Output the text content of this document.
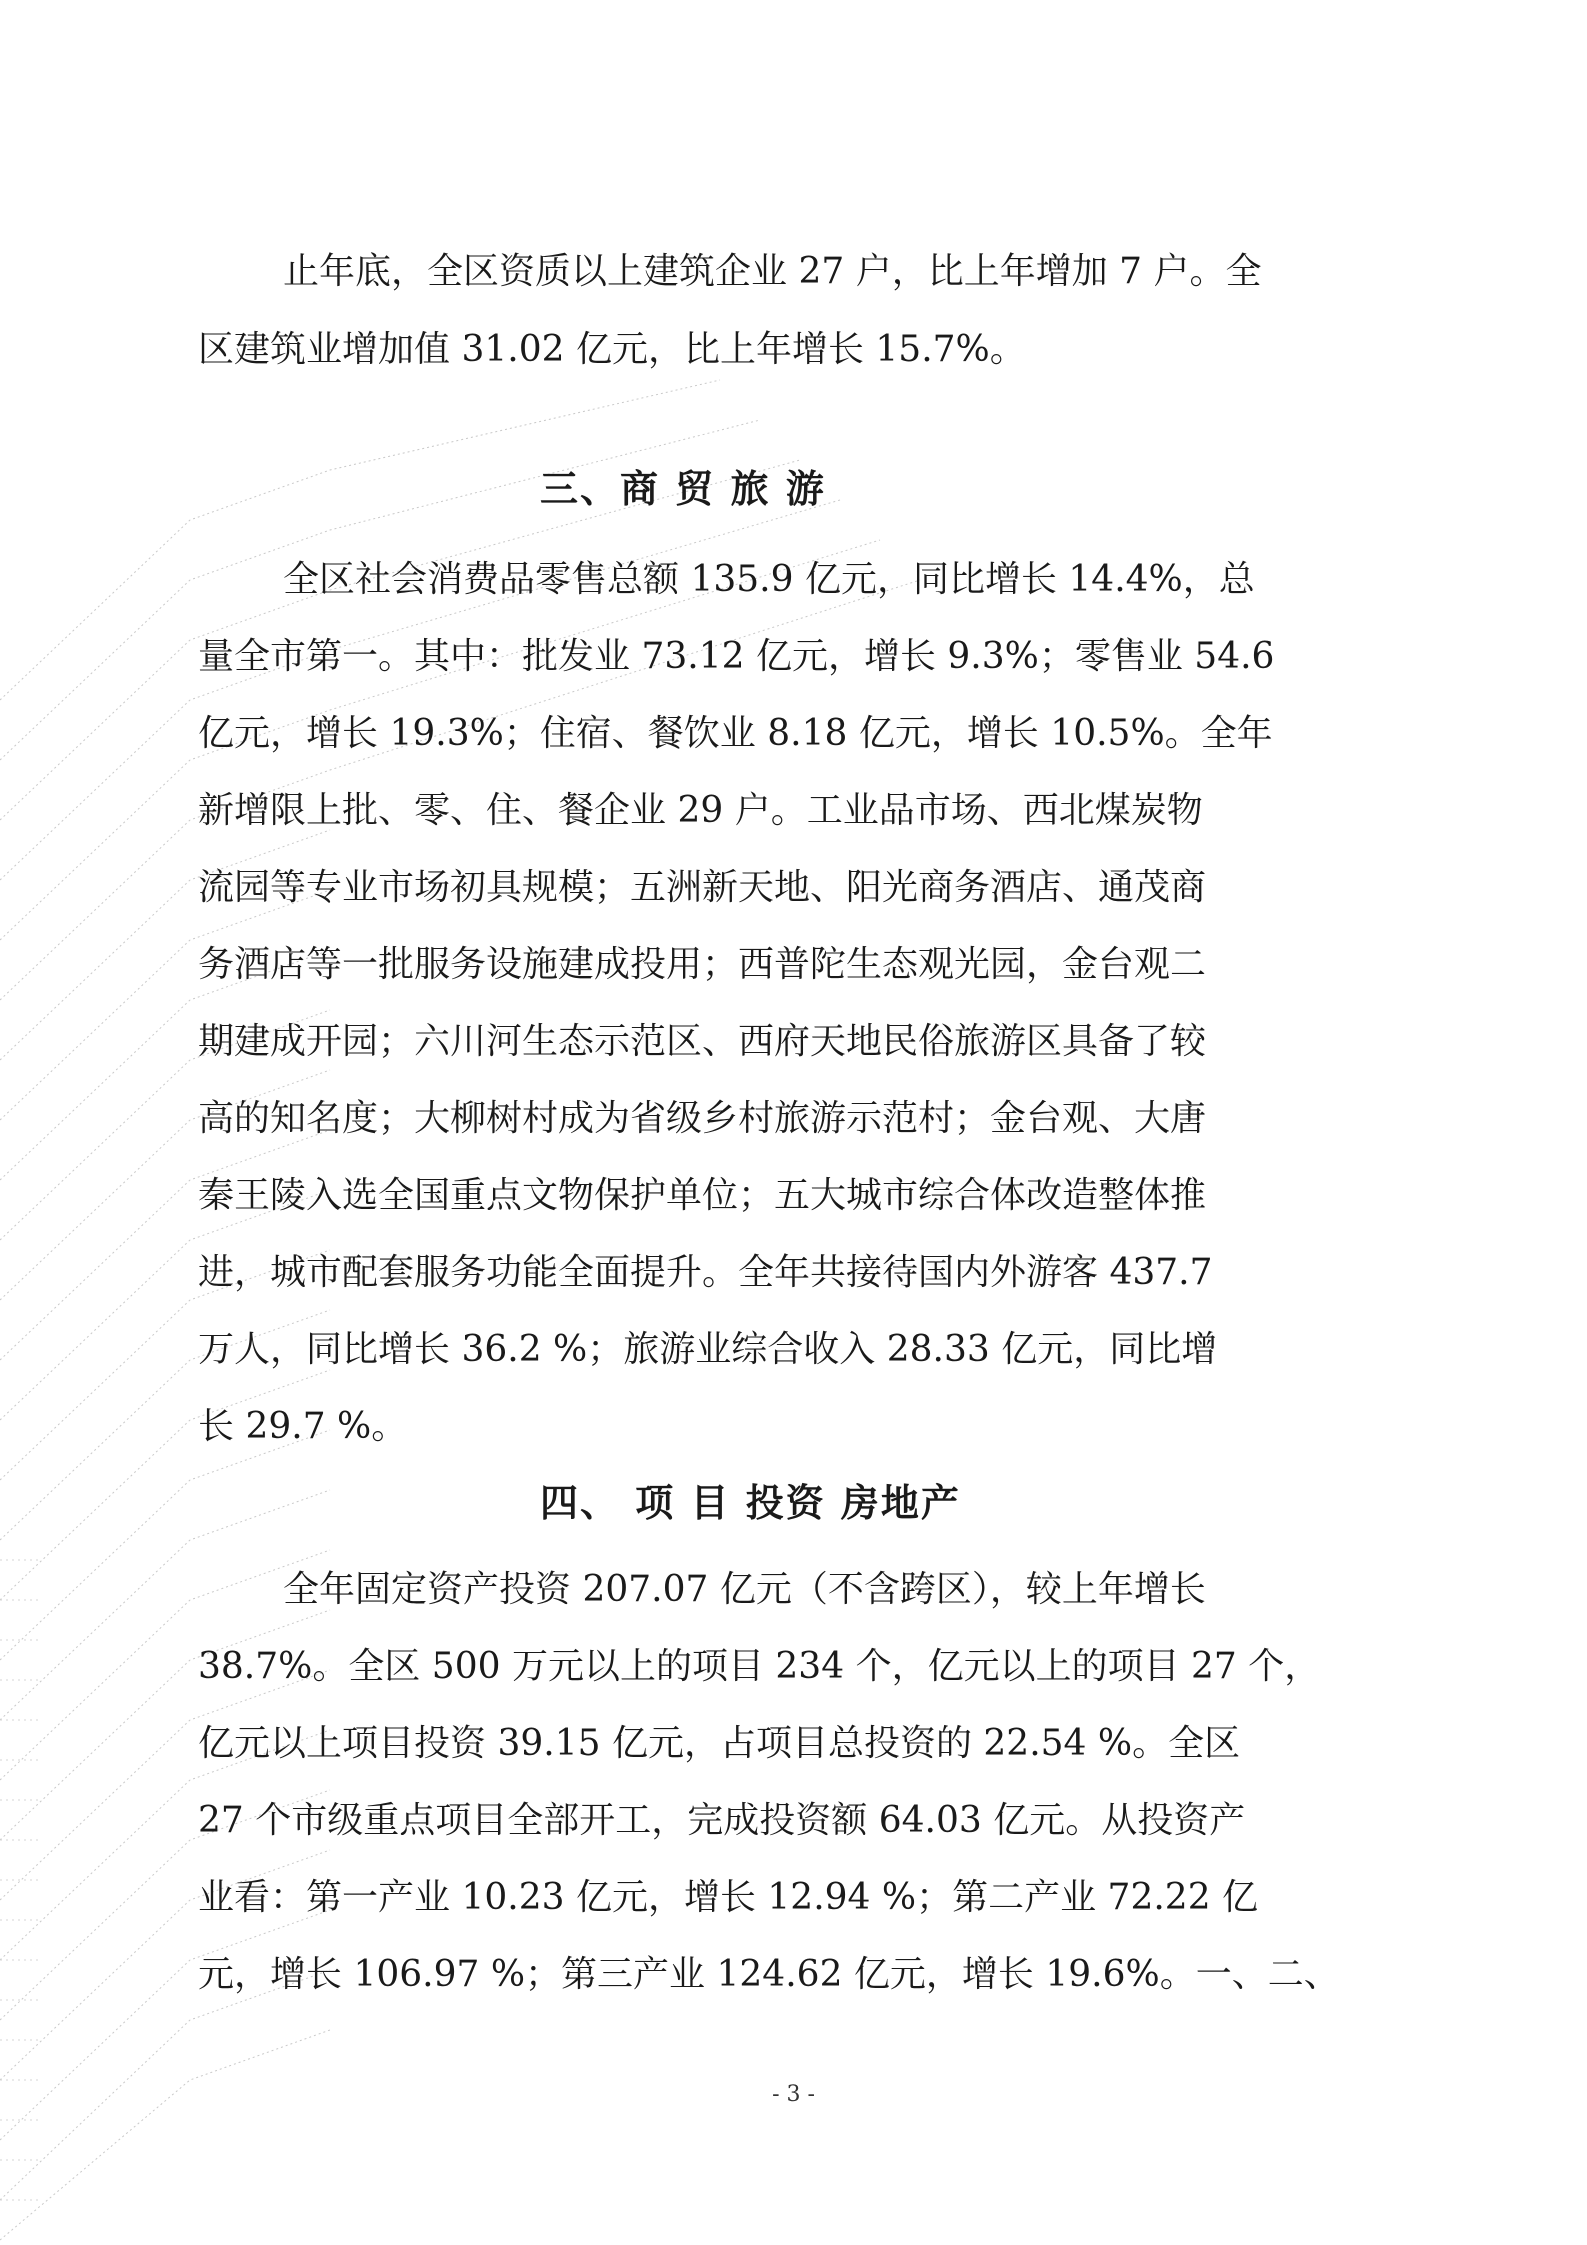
止年底，全区资质以上建筑企业 27 户，比上年增加 7 户。全
区建筑业增加值 31.02 亿元，比上年增长 15.7%。
三、商 贸 旅 游
全区社会消费品零售总额 135.9 亿元，同比增长 14.4%，总
量全市第一。其中：批发业 73.12 亿元，增长 9.3%；零售业 54.6
亿元，增长 19.3%；住宿、餐饮业 8.18 亿元，增长 10.5%。全年
新增限上批、零、住、餐企业 29 户。工业品市场、西北煤炭物
流园等专业市场初具规模；五洲新天地、阳光商务酒店、通茂商
务酒店等一批服务设施建成投用；西普陀生态观光园，金台观二
期建成开园；六川河生态示范区、西府天地民俗旅游区具备了较
高的知名度；大柳树村成为省级乡村旅游示范村；金台观、大唐
秦王陵入选全国重点文物保护单位；五大城市综合体改造整体推
进，城市配套服务功能全面提升。全年共接待国内外游客 437.7
万人，同比增长 36.2 %；旅游业综合收入 28.33 亿元，同比增
长 29.7 %。
四、 项 目 投资 房地产
全年固定资产投资 207.07 亿元（不含跨区），较上年增长
38.7%。全区 500 万元以上的项目 234 个，亿元以上的项目 27 个，
亿元以上项目投资 39.15 亿元，占项目总投资的 22.54 %。全区
27 个市级重点项目全部开工，完成投资额 64.03 亿元。从投资产
业看：第一产业 10.23 亿元，增长 12.94 %；第二产业 72.22 亿
元，增长 106.97 %；第三产业 124.62 亿元，增长 19.6%。一、二、
- 3 -
